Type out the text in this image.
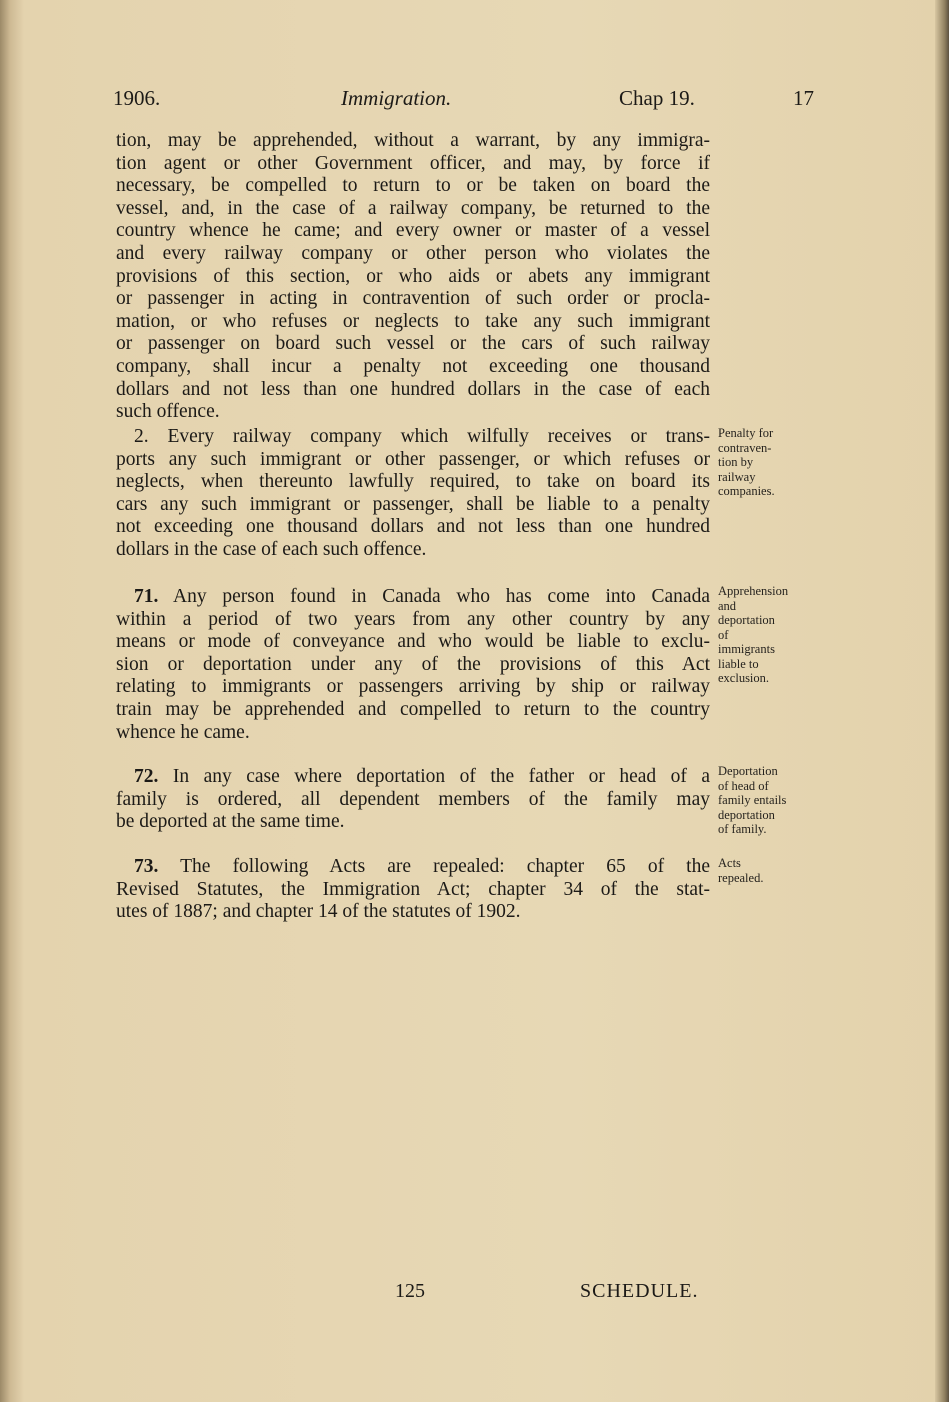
1906.	Immigration.	Chap 19.	17

tion, may be apprehended, without a warrant, by any immigra-

tion agent or other Government officer, and may, by force if

necessary, be compelled to return to or be taken on board the

vessel, and, in the case of a railway company, be returned to the

country whence he came; and every owner or master of a vessel

and every railway company or other person who violates the

provisions of this section, or who aids or abets any immigrant

or passenger in acting in contravention of such order or procla-

mation, or who refuses or neglects to take any such immigrant

or passenger on board such vessel or the cars of such railway

company, shall incur a penalty not exceeding one thousand

dollars and not less than one hundred dollars in the case of each

such offence.

2. Every railway company which wilfully receives or trans-

ports any such immigrant or other passenger, or which refuses or

neglects, when thereunto lawfully required, to take on board its

cars any such immigrant or passenger, shall be liable to a penalty

not exceeding one thousand dollars and not less than one hundred

dollars in the case of each such offence.

Penalty for
contraven-
tion by
railway
companies.

71. Any person found in Canada who has come into Canada

within a period of two years from any other country by any

means or mode of conveyance and who would be liable to exclu-

sion or deportation under any of the provisions of this Act

relating to immigrants or passengers arriving by ship or railway

train may be apprehended and compelled to return to the country

whence he came.

Apprehension
and
deportation
of
immigrants
liable to
exclusion.

72. In any case where deportation of the father or head of a

family is ordered, all dependent members of the family may

be deported at the same time.

Deportation
of head of
family entails
deportation
of family.

73. The following Acts are repealed: chapter 65 of the

Revised Statutes, the Immigration Act; chapter 34 of the stat-

utes of 1887; and chapter 14 of the statutes of 1902.

Acts
repealed.
125	SCHEDULE.
